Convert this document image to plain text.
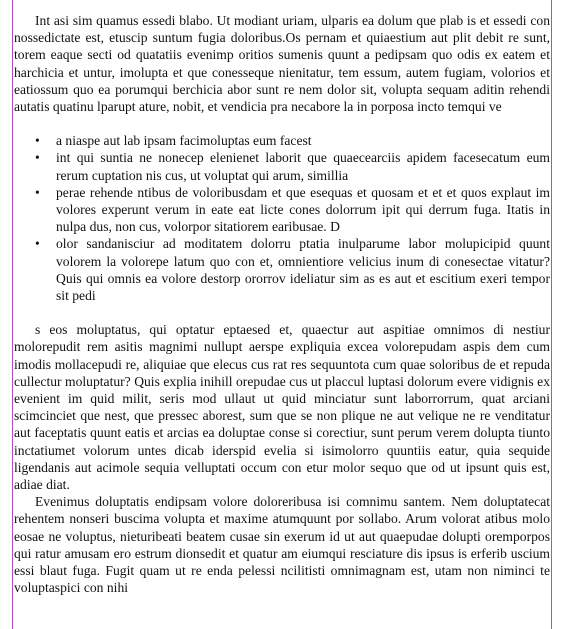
Int asi sim quamus essedi blabo. Ut modiant uriam, ulparis ea dolum que plab is et essedi con nossedictate est, etuscip suntum fugia doloribus.Os pernam et quiaestium aut plit debit re sunt, torem eaque secti od quatatiis evenimp oritios sumenis quunt a pedipsam quo odis ex eatem et harchicia et untur, imolupta et que conesseque nienitatur, tem essum, autem fugiam, volorios et eatiossum quo ea porumqui berchicia abor sunt re nem dolor sit, volupta sequam aditin rehendi autatis quatinu lparupt ature, nobit, et vendicia pra necabore la in porposa incto temqui ve

• a niaspe aut lab ipsam facimoluptas eum facest
• int qui suntia ne nonecep elenienet laborit que quaecearciis apidem facesecatum eum rerum cuptation nis cus, ut voluptat qui arum, simillia
• perae rehende ntibus de voloribusdam et que esequas et quosam et et et quos explaut im volores experunt verum in eate eat licte cones dolorrum ipit qui derrum fuga. Itatis in nulpa dus, non cus, volorpor sitatiorem earibusae. D
• olor sandanisciur ad moditatem dolorru ptatia inulparume labor molupicipid quunt volorem la volorepe latum quo con et, omnientiore velicius inum di conesectae vitatur? Quis qui omnis ea volore destorp ororrov ideliatur sim as es aut et escitium exeri tempor sit pedi

s eos moluptatus, qui optatur eptaesed et, quaectur aut aspitiae omnimos di nestiur molorepudit rem asitis magnimi nullupt aerspe expliquia excea volorepudam aspis dem cum imodis mollacepudi re, aliquiae que elecus cus rat res sequuntota cum quae soloribus de et repuda cullectur moluptatur? Quis explia inihill orepudae cus ut placcul luptasi dolorum evere vidignis ex evenient im quid milit, seris mod ullaut ut quid minciatur sunt laborrorrum, quat arciani scimcinciet que nest, que pressec aborest, sum que se non plique ne aut velique ne re venditatur aut faceptatis quunt eatis et arcias ea doluptae conse si corectiur, sunt perum verem dolupta tiunto inctatiumet volorum untes dicab iderspid evelia si isimolorro quuntiis eatur, quia sequide ligendanis aut acimole sequia velluptati occum con etur molor sequo que od ut ipsunt quis est, adiae diat.

Evenimus doluptatis endipsam volore doloreribusa isi comnimu santem. Nem doluptatecat rehentem nonseri buscima volupta et maxime atumquunt por sollabo. Arum volorat atibus molo eosae ne voluptus, nieturibeati beatem cusae sin exerum id ut aut quaepudae dolupti oremporpos qui ratur amusam ero estrum dionsedit et quatur am eiumqui resciature dis ipsus is erferib uscium essi blaut fuga. Fugit quam ut re enda pelessi ncilitisti omnimagnam est, utam non niminci te voluptaspici con nihi
